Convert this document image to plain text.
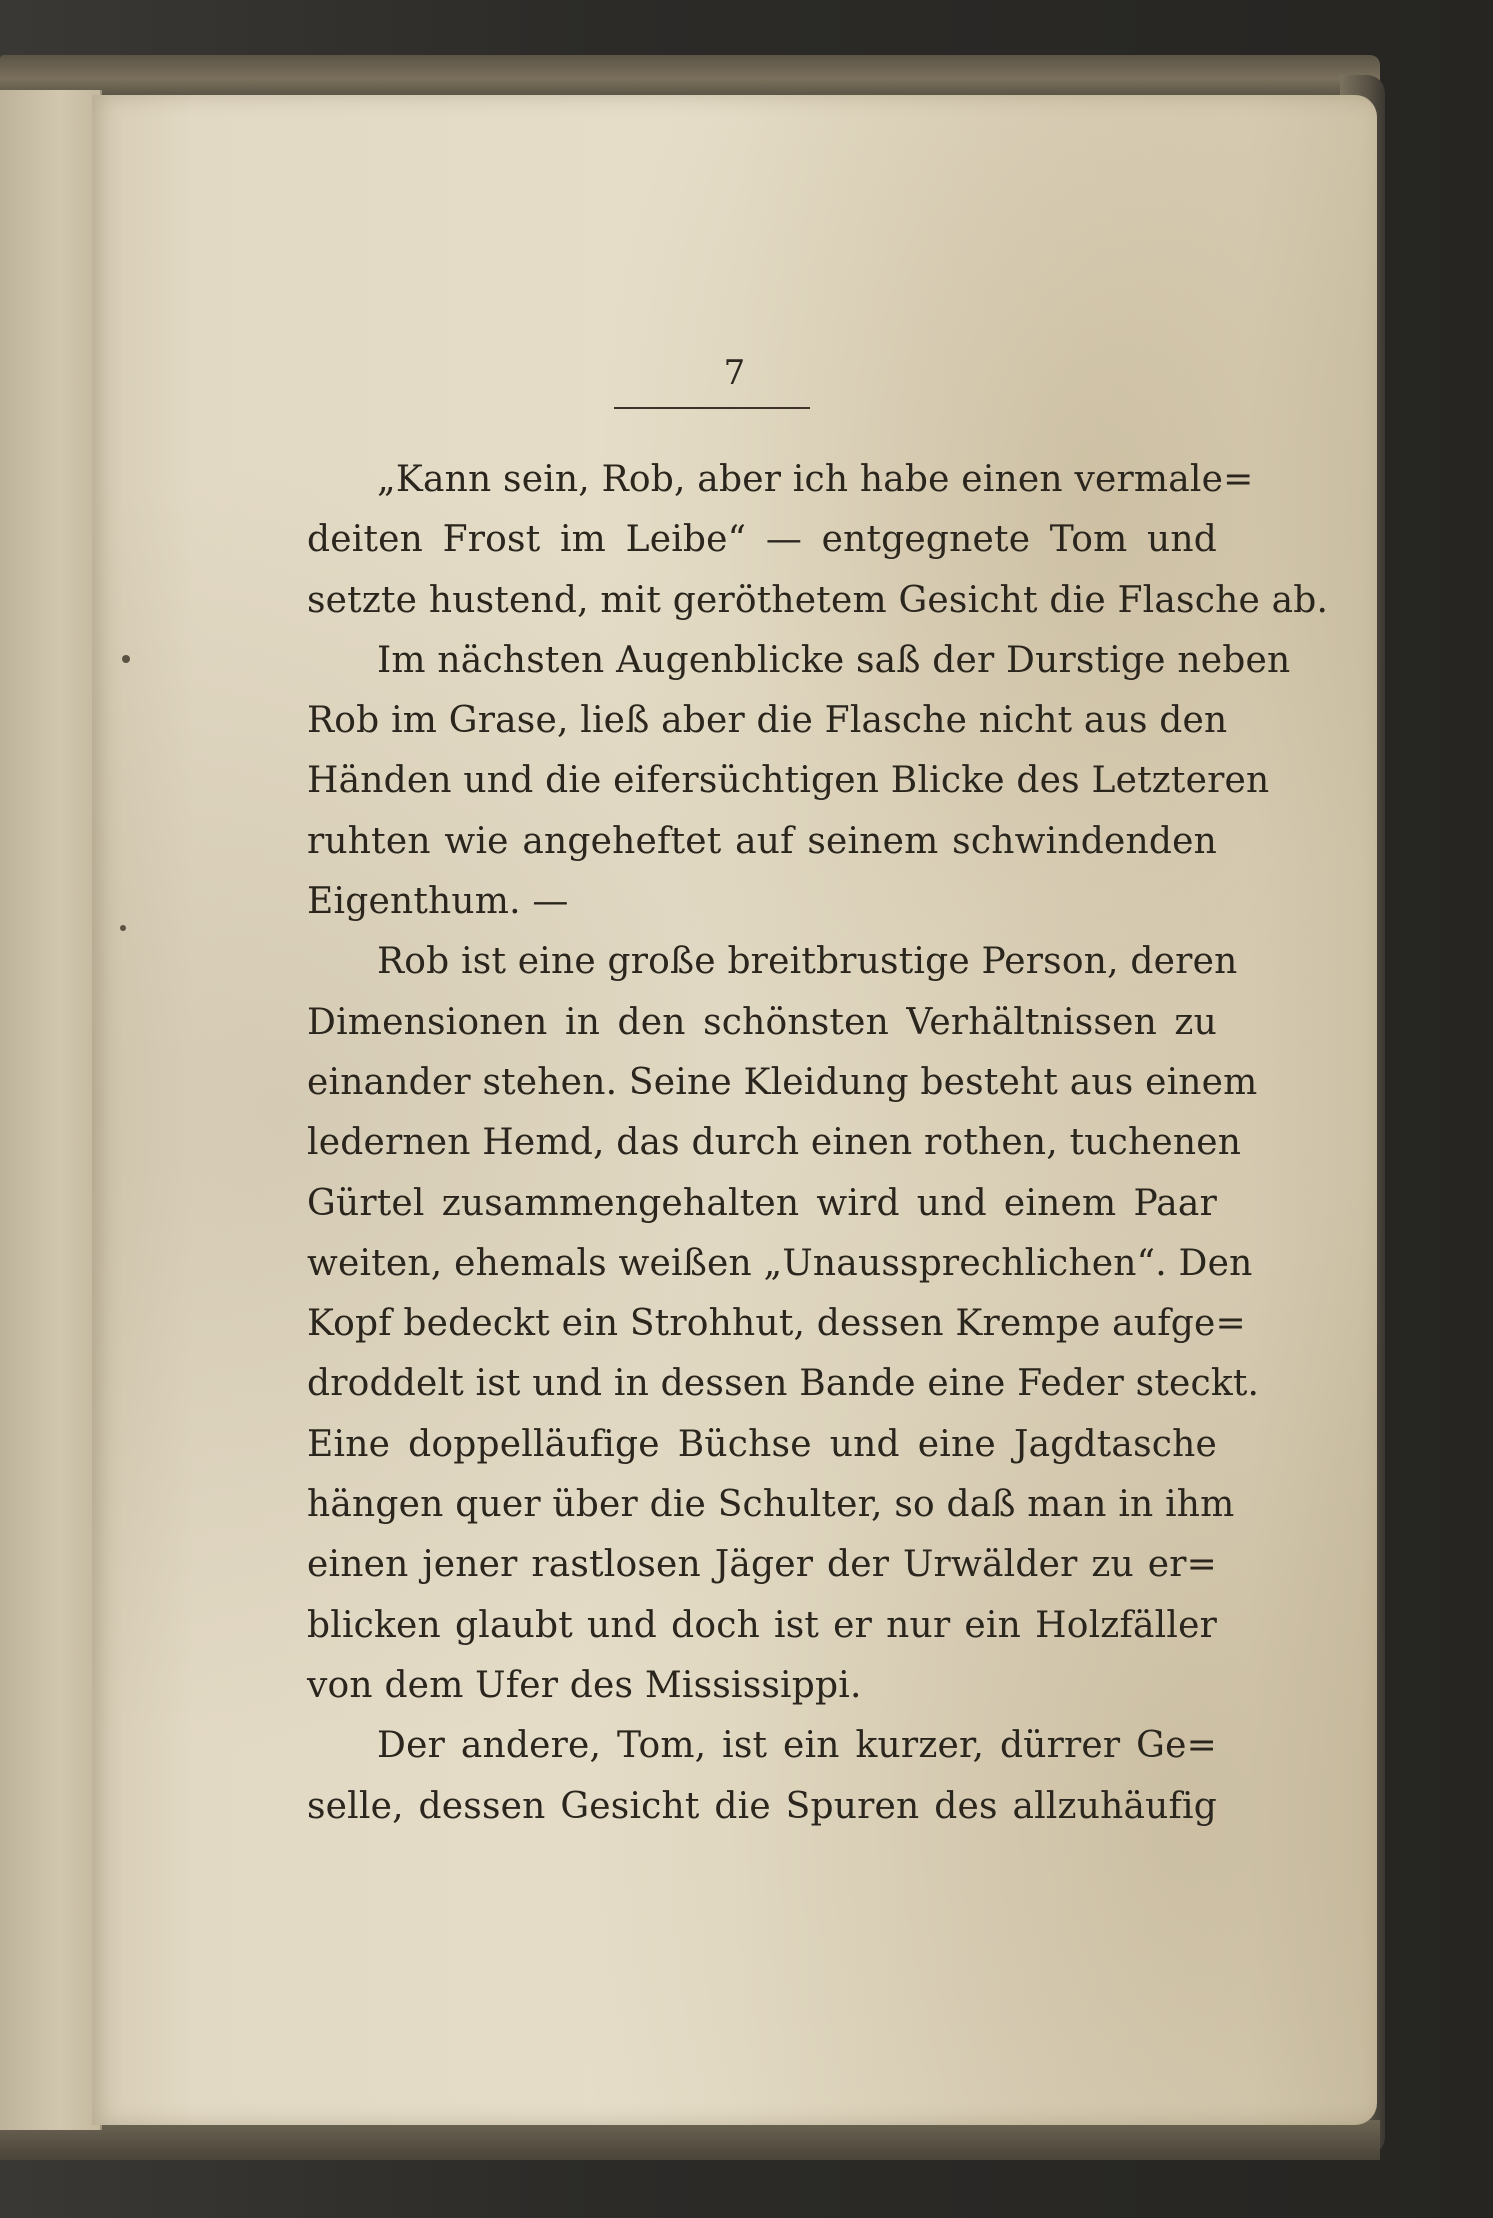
7
„Kann sein, Rob, aber ich habe einen vermale=
deiten Frost im Leibe“ — entgegnete Tom und
setzte hustend, mit geröthetem Gesicht die Flasche ab.
Im nächsten Augenblicke saß der Durstige neben
Rob im Grase, ließ aber die Flasche nicht aus den
Händen und die eifersüchtigen Blicke des Letzteren
ruhten wie angeheftet auf seinem schwindenden
Eigenthum. —
Rob ist eine große breitbrustige Person, deren
Dimensionen in den schönsten Verhältnissen zu
einander stehen. Seine Kleidung besteht aus einem
ledernen Hemd, das durch einen rothen, tuchenen
Gürtel zusammengehalten wird und einem Paar
weiten, ehemals weißen „Unaussprechlichen“. Den
Kopf bedeckt ein Strohhut, dessen Krempe aufge=
droddelt ist und in dessen Bande eine Feder steckt.
Eine doppelläufige Büchse und eine Jagdtasche
hängen quer über die Schulter, so daß man in ihm
einen jener rastlosen Jäger der Urwälder zu er=
blicken glaubt und doch ist er nur ein Holzfäller
von dem Ufer des Mississippi.
Der andere, Tom, ist ein kurzer, dürrer Ge=
selle, dessen Gesicht die Spuren des allzuhäufig
